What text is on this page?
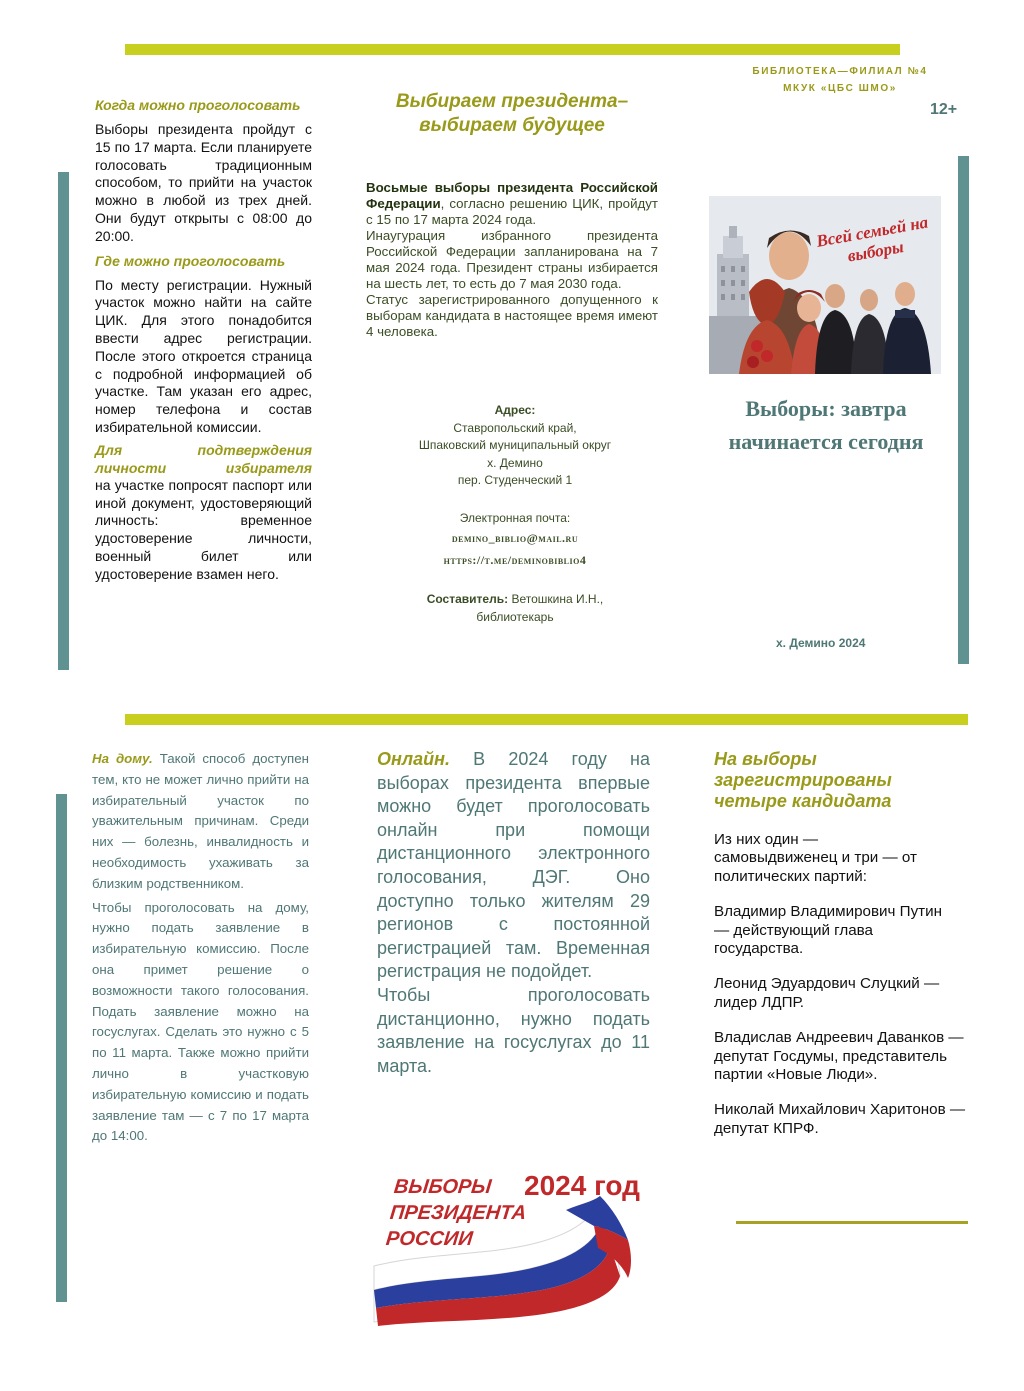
Когда можно проголосовать

Выборы президента пройдут с 15 по 17 марта. Если планируете голосовать традиционным способом, то прийти на участок можно в любой из трех дней. Они будут открыты с 08:00 до 20:00.

Где можно проголосовать

По месту регистрации. Нужный участок можно найти на сайте ЦИК. Для этого понадобится ввести адрес регистрации. После этого откроется страница с подробной информацией об участке. Там указан его адрес, номер телефона и состав избирательной комиссии.

Для подтверждения личности избирателя

на участке попросят паспорт или иной документ, удостоверяющий личность: временное удостоверение личности, военный билет или удостоверение взамен него.

Выбираем президента– выбираем будущее

Восьмые выборы президента Российской Федерации, согласно решению ЦИК, пройдут с 15 по 17 марта 2024 года.

Инаугурация избранного президента Российской Федерации запланирована на 7 мая 2024 года. Президент страны избирается на шесть лет, то есть до 7 мая 2030 года.

Статус зарегистрированного допущенного к выборам кандидата в настоящее время имеют 4 человека.

Адрес:
Ставропольский край,
Шпаковский муниципальный округ
х. Демино
пер. Студенческий 1
Электронная почта:
demino_biblio@mail.ru
https://t.me/deminobiblio4
Составитель: Ветошкина И.Н.,
библиотекарь
БИБЛИОТЕКА—ФИЛИАЛ №4
МКУК «ЦБС ШМО»
12+
Всей семьей на выборы
Выборы: завтра начинается сегодня
х. Демино 2024

На дому. Такой способ доступен тем, кто не может лично прийти на избирательный участок по уважительным причинам. Среди них — болезнь, инвалидность и необходимость ухаживать за близким родственником.

Чтобы проголосовать на дому, нужно подать заявление в избирательную комиссию. После она примет решение о возможности такого голосования. Подать заявление можно на госуслугах. Сделать это нужно с 5 по 11 марта. Также можно прийти лично в участковую избирательную комиссию и подать заявление там — с 7 по 17 марта до 14:00.

Онлайн. В 2024 году на выборах президента впервые можно будет проголосовать онлайн при помощи дистанционного электронного голосования, ДЭГ. Оно доступно только жителям 29 регионов с постоянной регистрацией там. Временная регистрация не подойдет.

Чтобы проголосовать дистанционно, нужно подать заявление на госуслугах до 11 марта.

ВЫБОРЫ
ПРЕЗИДЕНТА
РОССИИ
2024 год
На выборы зарегистрированы четыре кандидата

Из них один — самовыдвиженец и три — от политических партий:

Владимир Владимирович Путин — действующий глава государства.

Леонид Эдуардович Слуцкий — лидер ЛДПР.

Владислав Андреевич Даванков — депутат Госдумы, представитель партии «Новые Люди».

Николай Михайлович Харитонов — депутат КПРФ.
